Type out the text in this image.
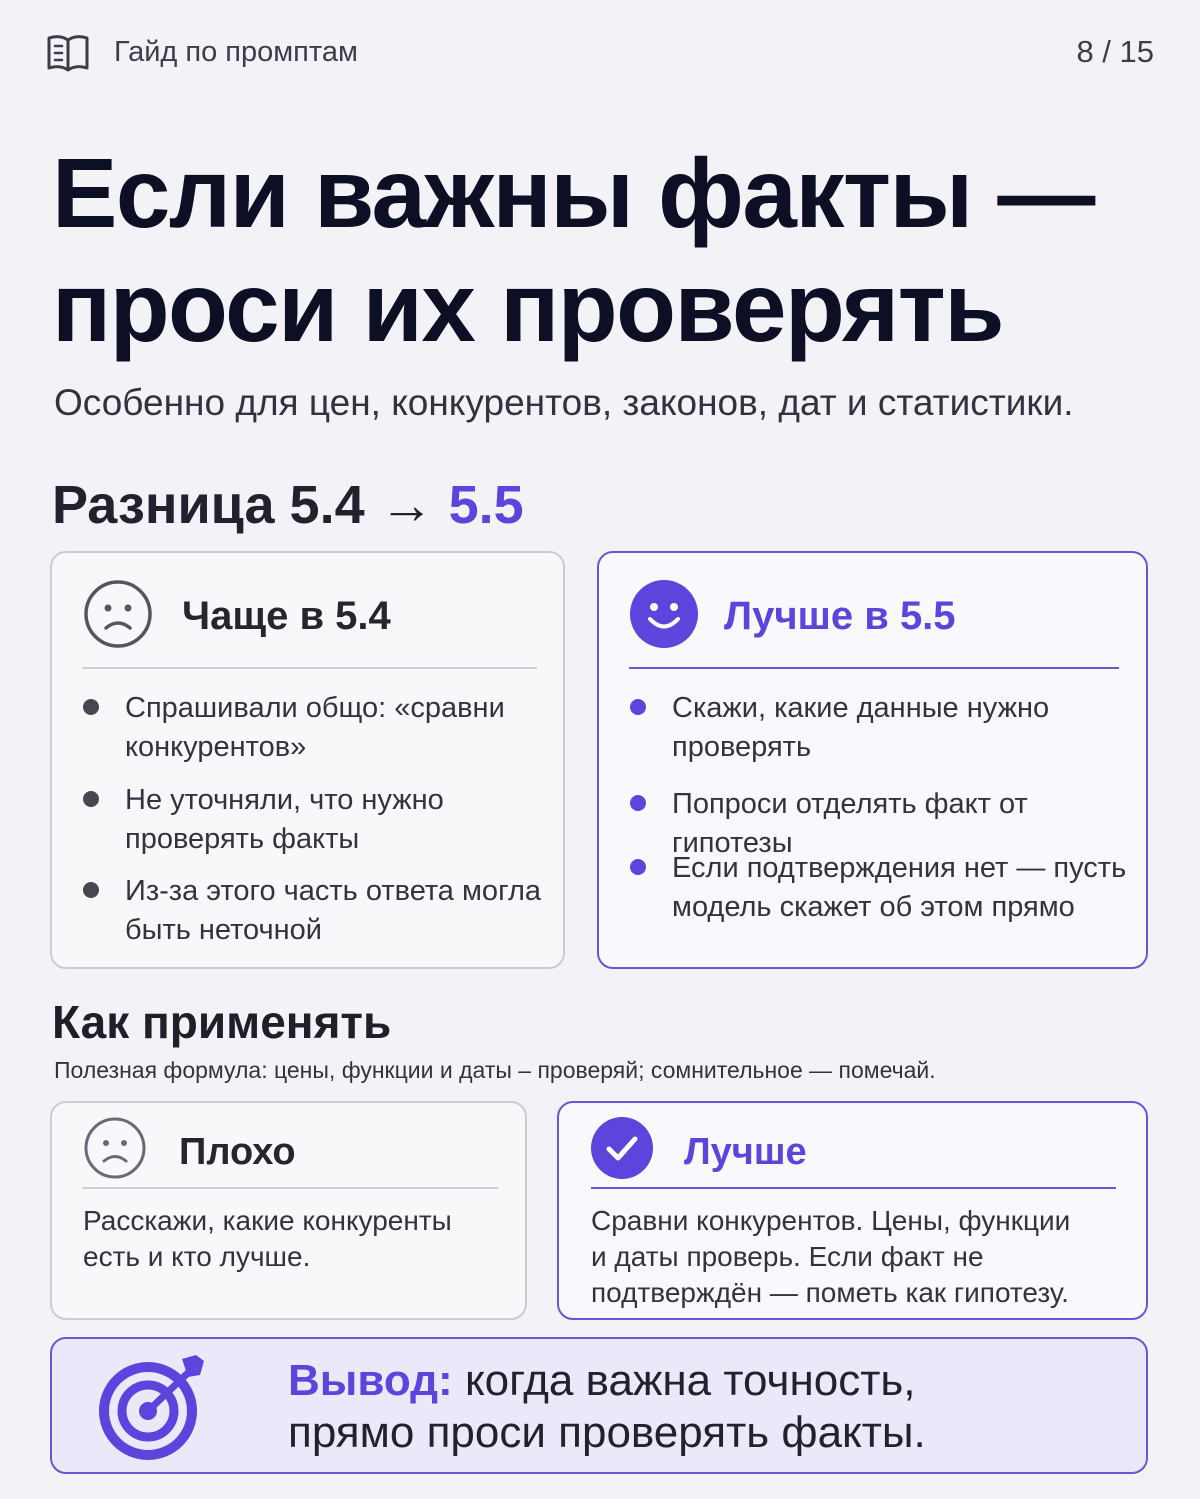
Гайд по промптам	8 / 15
Если важны факты —
проси их проверять
Особенно для цен, конкурентов, законов, дат и статистики.
Разница 5.4 → 5.5
Чаще в 5.4
Спрашивали общо: «сравни
конкурентов»
Не уточняли, что нужно
проверять факты
Из-за этого часть ответа могла
быть неточной
Лучше в 5.5
Скажи, какие данные нужно
проверять
Попроси отделять факт от гипотезы
Если подтверждения нет — пусть
модель скажет об этом прямо
Как применять
Полезная формула: цены, функции и даты – проверяй; сомнительное — помечай.
Плохо
Расскажи, какие конкуренты
есть и кто лучше.
Лучше
Сравни конкурентов. Цены, функции
и даты проверь. Если факт не
подтверждён — пометь как гипотезу.
Вывод: когда важна точность,
прямо проси проверять факты.
